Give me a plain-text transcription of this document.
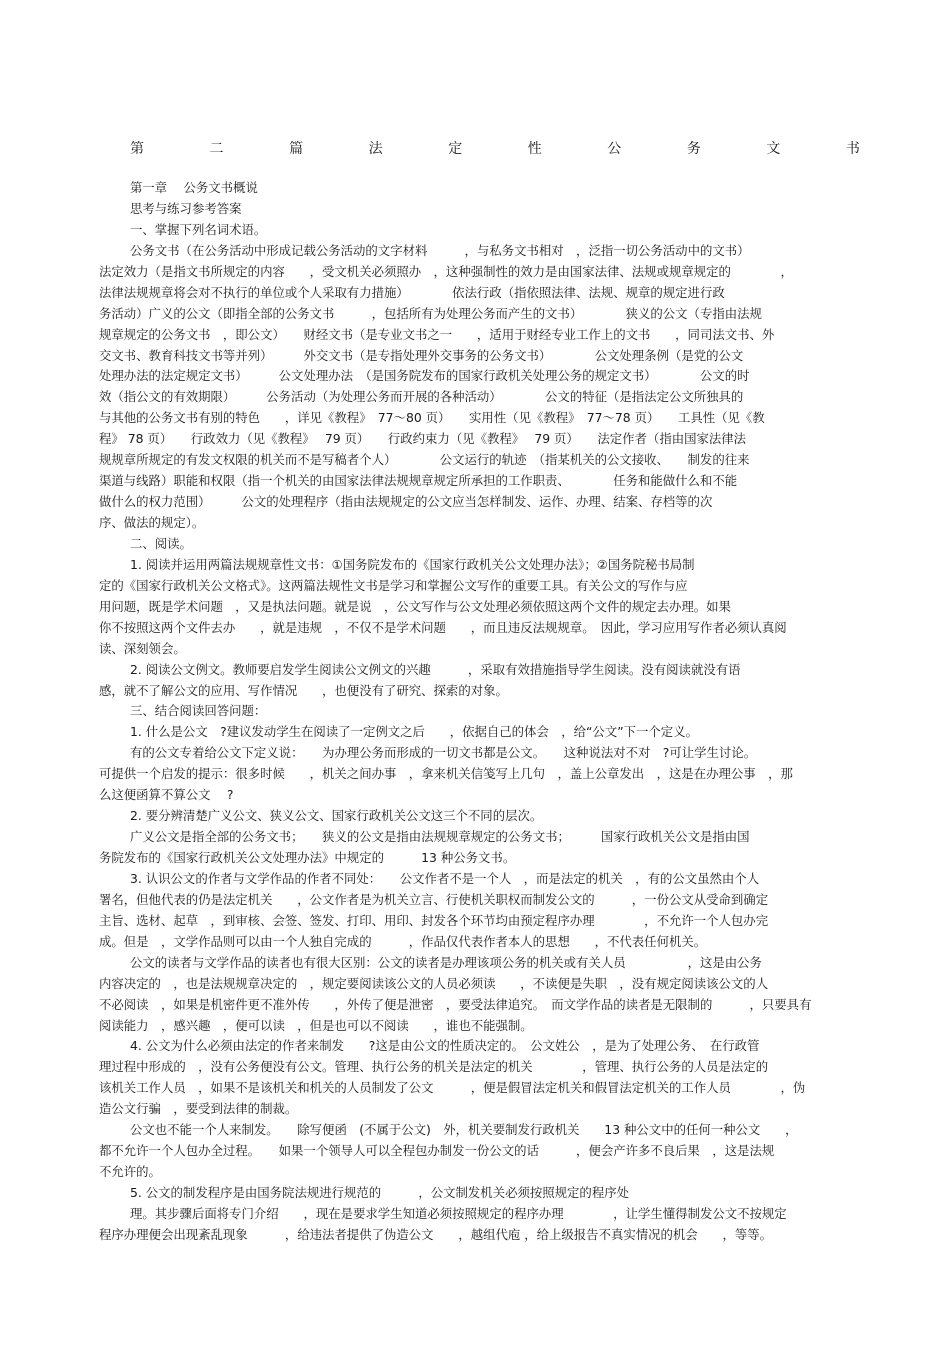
第	二	篇	法	定	性	公	务	文	书
第一章　 公务文书概说
思考与练习参考答案
一、掌握下列名词术语。
公务文书（在公务活动中形成记载公务活动的文字材料　　　，与私务文书相对　，泛指一切公务活动中的文书）
法定效力（是指文书所规定的内容　　，受文机关必须照办　，这种强制性的效力是由国家法律、法规或规章规定的　　　　，
法律法规规章将会对不执行的单位或个人采取有力措施）　　　　依法行政（指依照法律、法规、规章的规定进行政
务活动）广义的公文（即指全部的公务文书　　　，包括所有为处理公务而产生的文书）　　　　狭义的公文（专指由法规
规章规定的公务文书　，即公文）　　财经文书（是专业文书之一　　，适用于财经专业工作上的文书　　，同司法文书、外
交文书、教育科技文书等并列）　　　外交文书（是专指处理外交事务的公务文书）　　　　公文处理条例（是党的公文
处理办法的法定规定文书）　　　公文处理办法　（是国务院发布的国家行政机关处理公务的规定文书）　　　　公文的时
效（指公文的有效期限）　　　公务活动（为处理公务而开展的各种活动）　　　　公文的特征（是指法定公文所独具的
与其他的公务文书有别的特色　　，详见《教程》　77～80 页）　　实用性（见《教程》　77～78 页）　　工具性（见《教
程》 78 页）　　行政效力（见《教程》　 79 页）　　行政约束力（见《教程》　 79 页）　　法定作者（指由国家法律法
规规章所规定的有发文权限的机关而不是写稿者个人）　　　　公文运行的轨迹　（指某机关的公文接收、　　制发的往来
渠道与线路）职能和权限（指一个机关的由国家法律法规规章规定所承担的工作职责、　　　　任务和能做什么和不能
做什么的权力范围）　　　公文的处理程序（指由法规规定的公文应当怎样制发、运作、办理、结案、存档等的次
序、做法的规定）。
二、阅读。
1. 阅读并运用两篇法规规章性文书：①国务院发布的《国家行政机关公文处理办法》；②国务院秘书局制
定的《国家行政机关公文格式》。这两篇法规性文书是学习和掌握公文写作的重要工具。有关公文的写作与应
用问题，既是学术问题　，又是执法问题。就是说　，公文写作与公文处理必须依照这两个文件的规定去办理。如果
你不按照这两个文件去办　　，就是违规　，不仅不是学术问题　　，而且违反法规规章。　因此，学习应用写作者必须认真阅
读、深刻领会。
2. 阅读公文例文。教师要启发学生阅读公文例文的兴趣　　　，采取有效措施指导学生阅读。没有阅读就没有语
感，就不了解公文的应用、写作情况　　，也便没有了研究、探索的对象。
三、结合阅读回答问题：
1. 什么是公文　?建议发动学生在阅读了一定例文之后　　，依据自己的体会　，给“公文”下一个定义。
有的公文专着给公文下定义说：　　为办理公务而形成的一切文书都是公文。　　这种说法对不对　?可让学生讨论。
可提供一个启发的提示：很多时候　　，机关之间办事　，拿来机关信笺写上几句　，盖上公章发出　，这是在办理公事　，那
么这便函算不算公文　 ?
2. 要分辨清楚广义公文、狭义公文、国家行政机关公文这三个不同的层次。
广义公文是指全部的公务文书；　　狭义的公文是指由法规规章规定的公务文书；　　　国家行政机关公文是指由国
务院发布的《国家行政机关公文处理办法》中规定的　　　13 种公务文书。
3. 认识公文的作者与文学作品的作者不同处：　　公文作者不是一个人　，而是法定的机关　，有的公文虽然由个人
署名，但他代表的仍是法定机关　　，公文作者是为机关立言、行使机关职权而制发公文的　　　，一份公文从受命到确定
主旨、选材、起草　，到审核、会签、签发、打印、用印、封发各个环节均由预定程序办理　　　　，不允许一个人包办完
成。但是　，文学作品则可以由一个人独自完成的　　　，作品仅代表作者本人的思想　　，不代表任何机关。
公文的读者与文学作品的读者也有很大区别：公文的读者是办理该项公务的机关或有关人员　　　　　，这是由公务
内容决定的　，也是法规规章决定的　，规定要阅读该公文的人员必须读　　，不读便是失职　，没有规定阅读该公文的人
不必阅读　，如果是机密件更不准外传　　，外传了便是泄密　，要受法律追究。　而文学作品的读者是无限制的　　　，只要具有
阅读能力　，感兴趣　，便可以读　，但是也可以不阅读　　，谁也不能强制。
4. 公文为什么必须由法定的作者来制发　　?这是由公文的性质决定的。　公文姓公　，是为了处理公务、　在行政管
理过程中形成的　，没有公务便没有公文。管理、执行公务的机关是法定的机关　　　　，管理、执行公务的人员是法定的
该机关工作人员　，如果不是该机关和机关的人员制发了公文　　　，便是假冒法定机关和假冒法定机关的工作人员　　　　，伪
造公文行骗　，要受到法律的制裁。
公文也不能一个人来制发。　　除写便函　(不属于公文)　外，机关要制发行政机关　　13 种公文中的任何一种公文　　，
都不允许一个人包办全过程。　　如果一个领导人可以全程包办制发一份公文的话　　　，便会产许多不良后果　，这是法规
不允许的。
5. 公文的制发程序是由国务院法规进行规范的　　　，公文制发机关必须按照规定的程序处
理。其步骤后面将专门介绍　　，现在是要求学生知道必须按照规定的程序办理　　　　，让学生懂得制发公文不按规定
程序办理便会出现紊乱现象　　　，给违法者提供了伪造公文　　，越组代庖 ，给上级报告不真实情况的机会　　，等等。
